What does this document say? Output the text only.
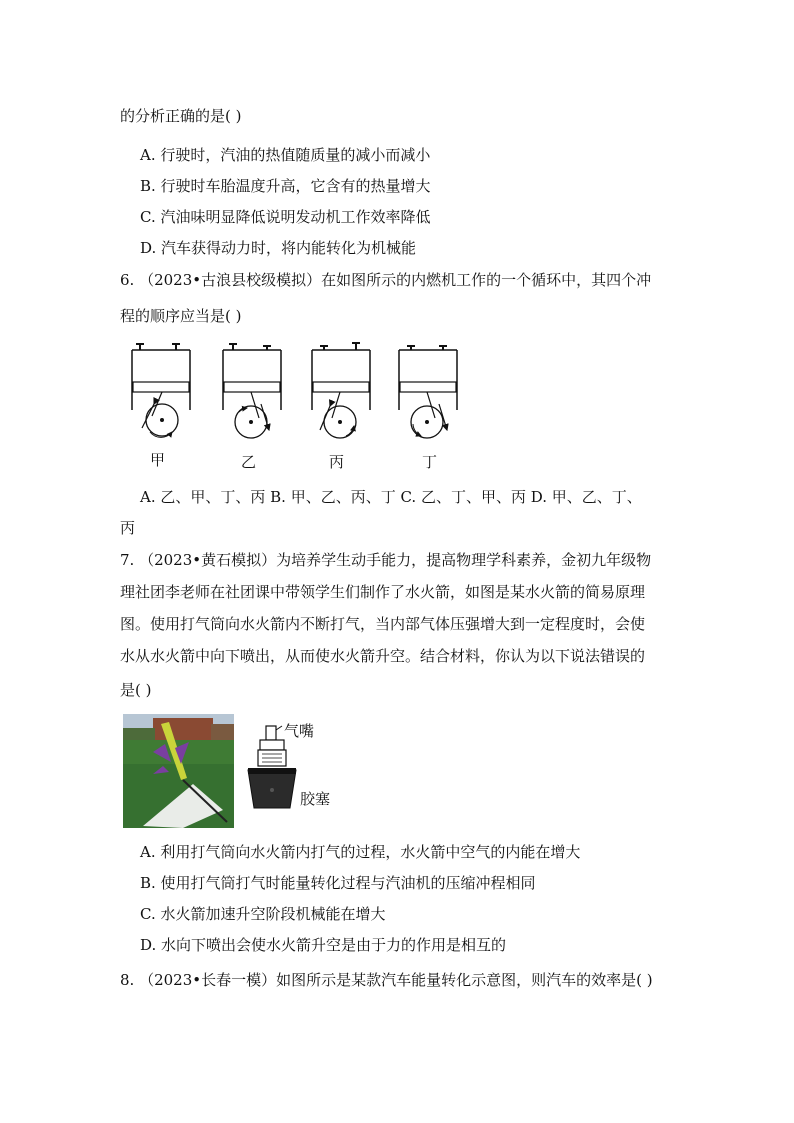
的分析正确的是( )
A. 行驶时，汽油的热值随质量的减小而减小
B. 行驶时车胎温度升高，它含有的热量增大
C. 汽油味明显降低说明发动机工作效率降低
D. 汽车获得动力时，将内能转化为机械能
6. （2023•古浪县校级模拟）在如图所示的内燃机工作的一个循环中，其四个冲
程的顺序应当是( )
甲	乙	丙	丁
A. 乙、甲、丁、丙 B. 甲、乙、丙、丁 C. 乙、丁、甲、丙 D. 甲、乙、丁、
丙
7. （2023•黄石模拟）为培养学生动手能力，提高物理学科素养，金初九年级物
理社团李老师在社团课中带领学生们制作了水火箭，如图是某水火箭的简易原理
图。使用打气筒向水火箭内不断打气，当内部气体压强增大到一定程度时，会使
水从水火箭中向下喷出，从而使水火箭升空。结合材料，你认为以下说法错误的
是( )
气嘴
胶塞
A. 利用打气筒向水火箭内打气的过程，水火箭中空气的内能在增大
B. 使用打气筒打气时能量转化过程与汽油机的压缩冲程相同
C. 水火箭加速升空阶段机械能在增大
D. 水向下喷出会使水火箭升空是由于力的作用是相互的
8. （2023•长春一模）如图所示是某款汽车能量转化示意图，则汽车的效率是( )
